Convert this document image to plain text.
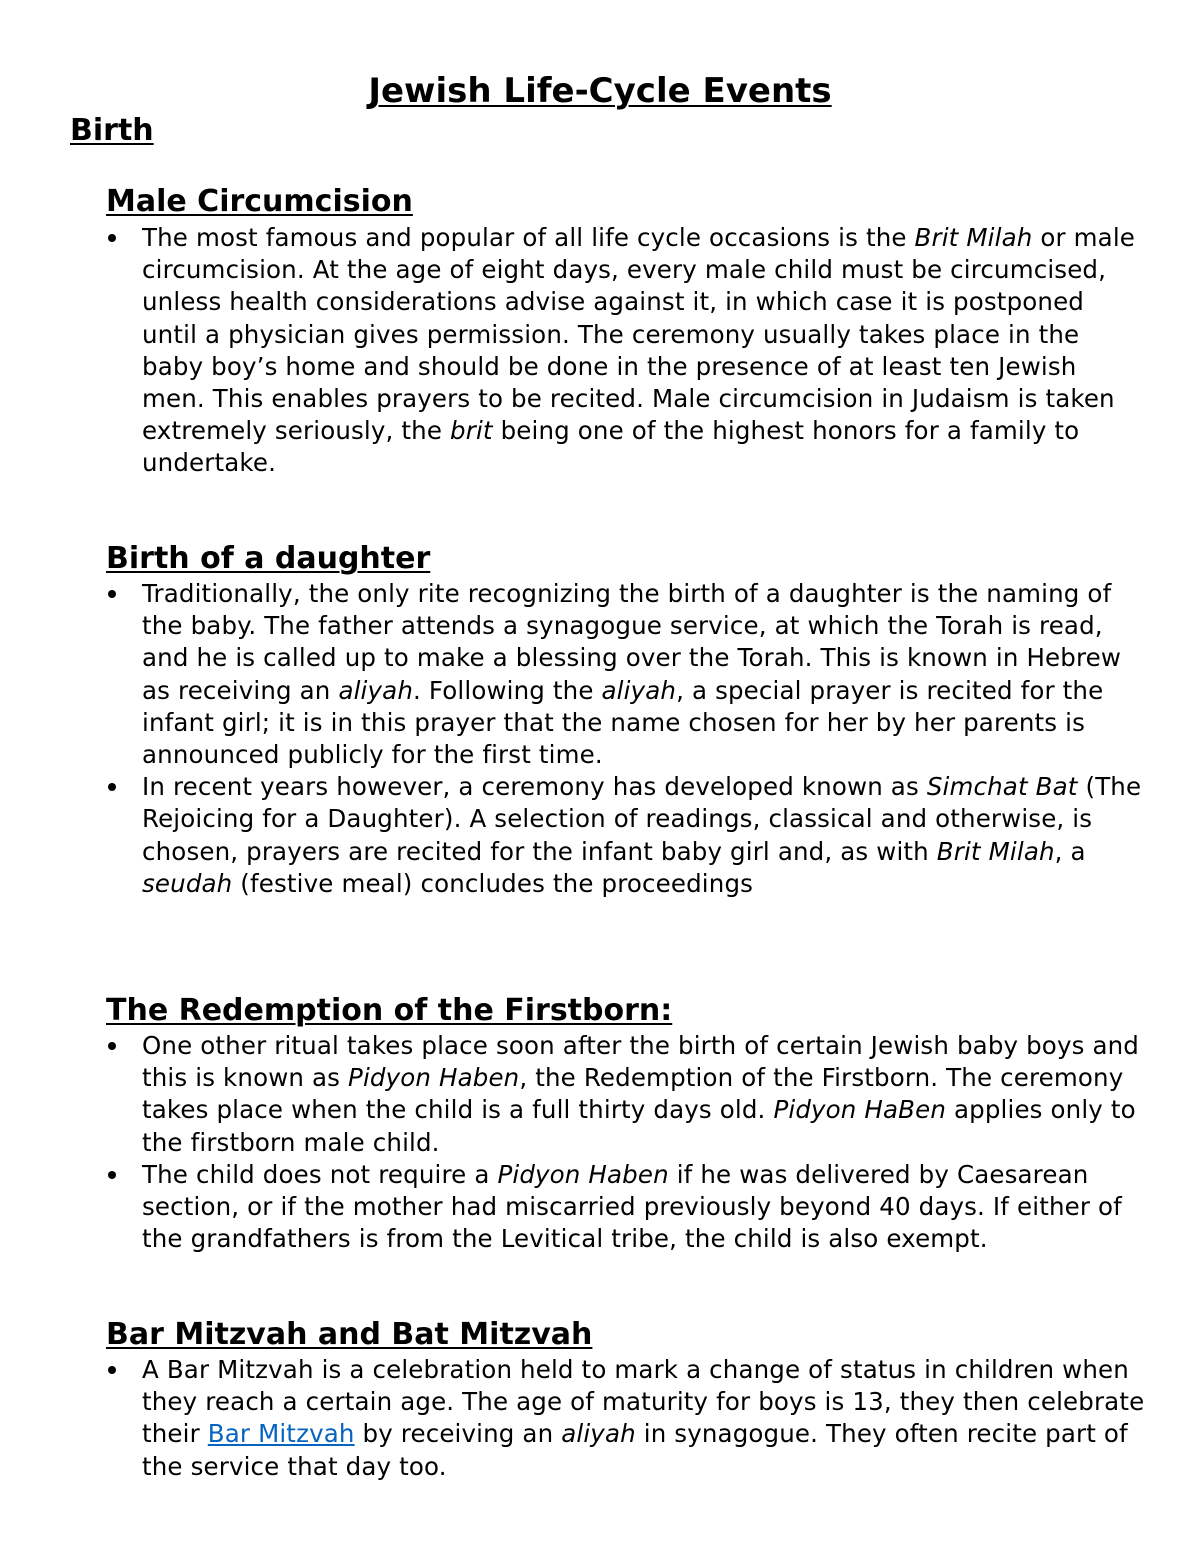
Jewish Life-Cycle Events
Birth
Male Circumcision
The most famous and popular of all life cycle occasions is the Brit Milah or male circumcision. At the age of eight days, every male child must be circumcised, unless health considerations advise against it, in which case it is postponed until a physician gives permission. The ceremony usually takes place in the baby boy’s home and should be done in the presence of at least ten Jewish men. This enables prayers to be recited. Male circumcision in Judaism is taken extremely seriously, the brit being one of the highest honors for a family to undertake.
Birth of a daughter
Traditionally, the only rite recognizing the birth of a daughter is the naming of the baby. The father attends a synagogue service, at which the Torah is read, and he is called up to make a blessing over the Torah. This is known in Hebrew as receiving an aliyah. Following the aliyah, a special prayer is recited for the infant girl; it is in this prayer that the name chosen for her by her parents is announced publicly for the first time.
In recent years however, a ceremony has developed known as Simchat Bat (The Rejoicing for a Daughter). A selection of readings, classical and otherwise, is chosen, prayers are recited for the infant baby girl and, as with Brit Milah, a seudah (festive meal) concludes the proceedings
The Redemption of the Firstborn:
One other ritual takes place soon after the birth of certain Jewish baby boys and this is known as Pidyon Haben, the Redemption of the Firstborn. The ceremony takes place when the child is a full thirty days old. Pidyon HaBen applies only to the firstborn male child.
The child does not require a Pidyon Haben if he was delivered by Caesarean section, or if the mother had miscarried previously beyond 40 days. If either of the grandfathers is from the Levitical tribe, the child is also exempt.
Bar Mitzvah and Bat Mitzvah
A Bar Mitzvah is a celebration held to mark a change of status in children when they reach a certain age. The age of maturity for boys is 13, they then celebrate their Bar Mitzvah by receiving an aliyah in synagogue. They often recite part of the service that day too.
